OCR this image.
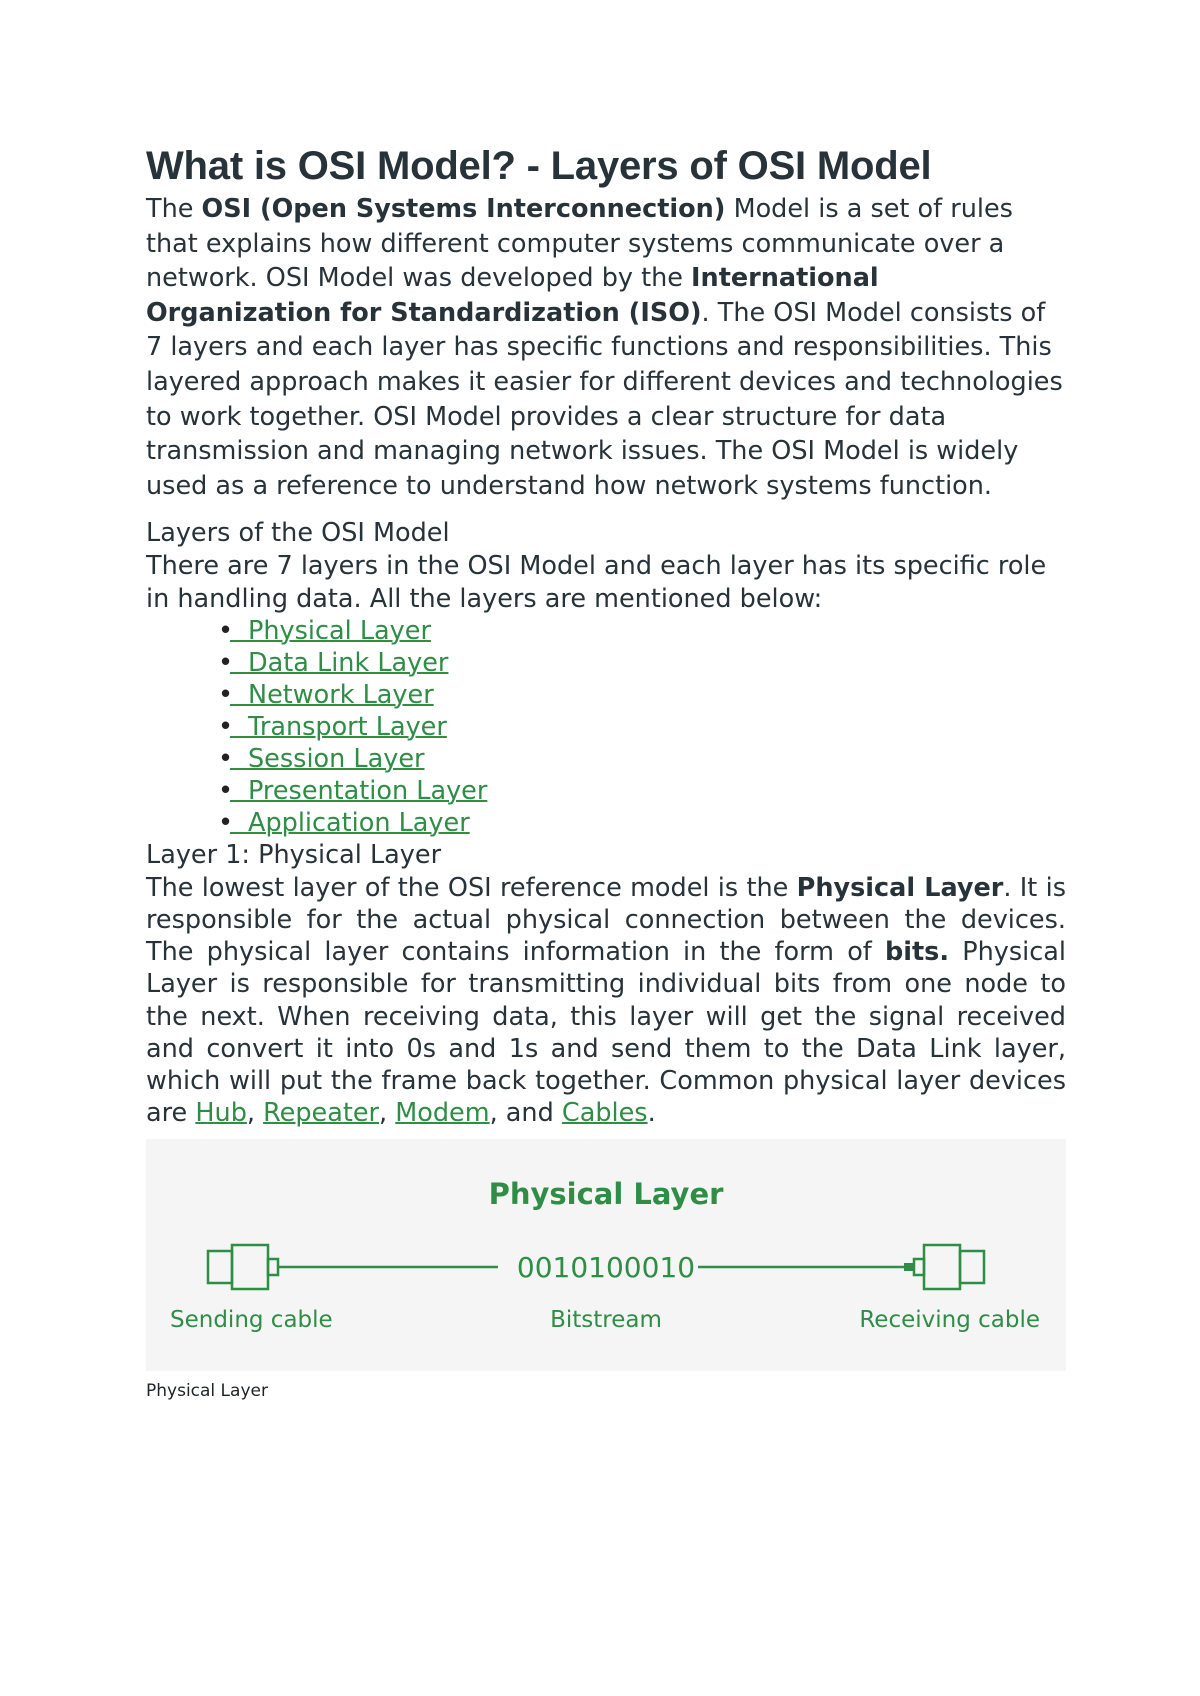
What is OSI Model? - Layers of OSI Model

The OSI (Open Systems Interconnection) Model is a set of rules that explains how different computer systems communicate over a network. OSI Model was developed by the International Organization for Standardization (ISO). The OSI Model consists of 7 layers and each layer has specific functions and responsibilities. This layered approach makes it easier for different devices and technologies to work together. OSI Model provides a clear structure for data transmission and managing network issues. The OSI Model is widely used as a reference to understand how network systems function.

Layers of the OSI Model

There are 7 layers in the OSI Model and each layer has its specific role in handling data. All the layers are mentioned below:

• Physical Layer
• Data Link Layer
• Network Layer
• Transport Layer
• Session Layer
• Presentation Layer
• Application Layer

Layer 1: Physical Layer

The lowest layer of the OSI reference model is the Physical Layer. It is responsible for the actual physical connection between the devices. The physical layer contains information in the form of bits. Physical Layer is responsible for transmitting individual bits from one node to the next. When receiving data, this layer will get the signal received and convert it into 0s and 1s and send them to the Data Link layer, which will put the frame back together. Common physical layer devices are Hub, Repeater, Modem, and Cables.

Physical Layer
0010100010
Sending cable	Bitstream	Receiving cable
Physical Layer
